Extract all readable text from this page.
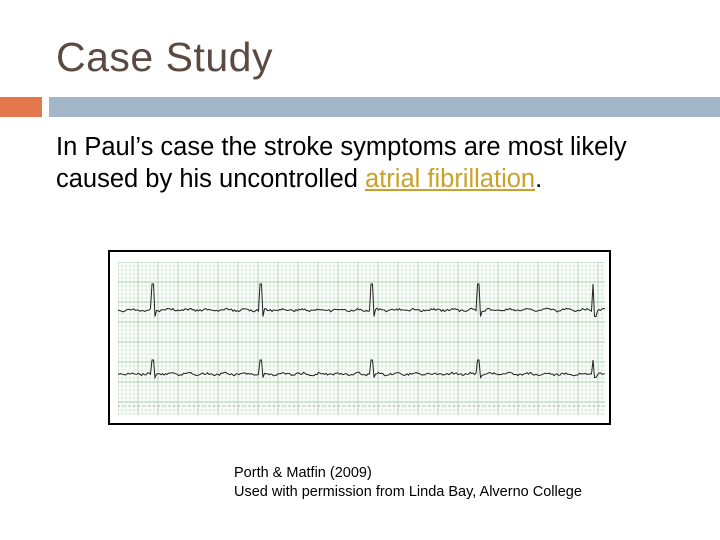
Case Study
In Paul’s case the stroke symptoms are most likely caused by his uncontrolled atrial fibrillation.
Porth & Matfin (2009)
Used with permission from Linda Bay, Alverno College
